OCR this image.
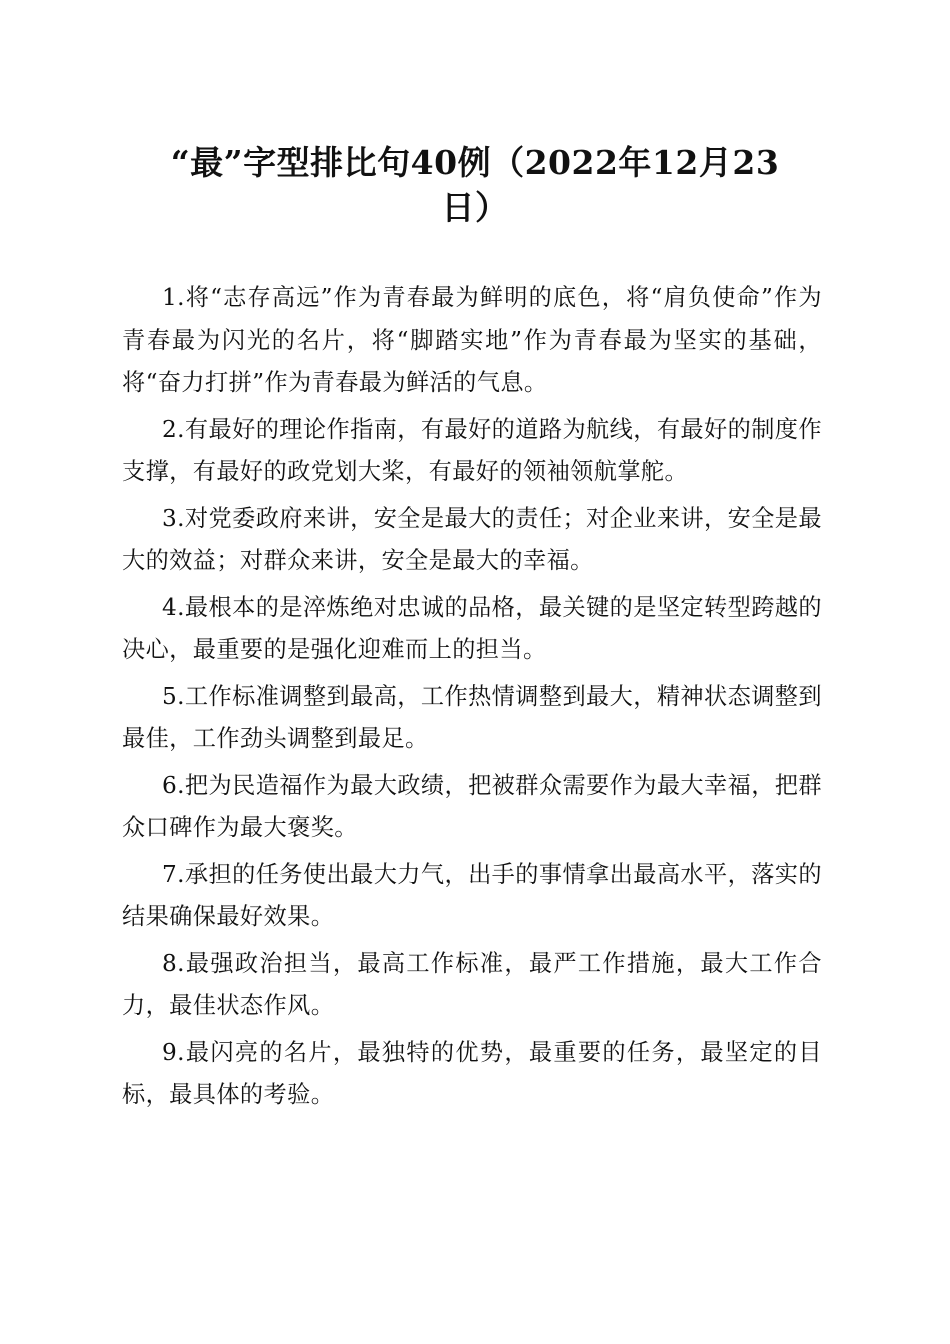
“最”字型排比句40例（2022年12月23日）

1.将“志存高远”作为青春最为鲜明的底色，将“肩负使命”作为青春最为闪光的名片，将“脚踏实地”作为青春最为坚实的基础，将“奋力打拼”作为青春最为鲜活的气息。

2.有最好的理论作指南，有最好的道路为航线，有最好的制度作支撑，有最好的政党划大桨，有最好的领袖领航掌舵。

3.对党委政府来讲，安全是最大的责任；对企业来讲，安全是最大的效益；对群众来讲，安全是最大的幸福。

4.最根本的是淬炼绝对忠诚的品格，最关键的是坚定转型跨越的决心，最重要的是强化迎难而上的担当。

5.工作标准调整到最高，工作热情调整到最大，精神状态调整到最佳，工作劲头调整到最足。

6.把为民造福作为最大政绩，把被群众需要作为最大幸福，把群众口碑作为最大褒奖。

7.承担的任务使出最大力气，出手的事情拿出最高水平，落实的结果确保最好效果。

8.最强政治担当，最高工作标准，最严工作措施，最大工作合力，最佳状态作风。

9.最闪亮的名片，最独特的优势，最重要的任务，最坚定的目标，最具体的考验。
